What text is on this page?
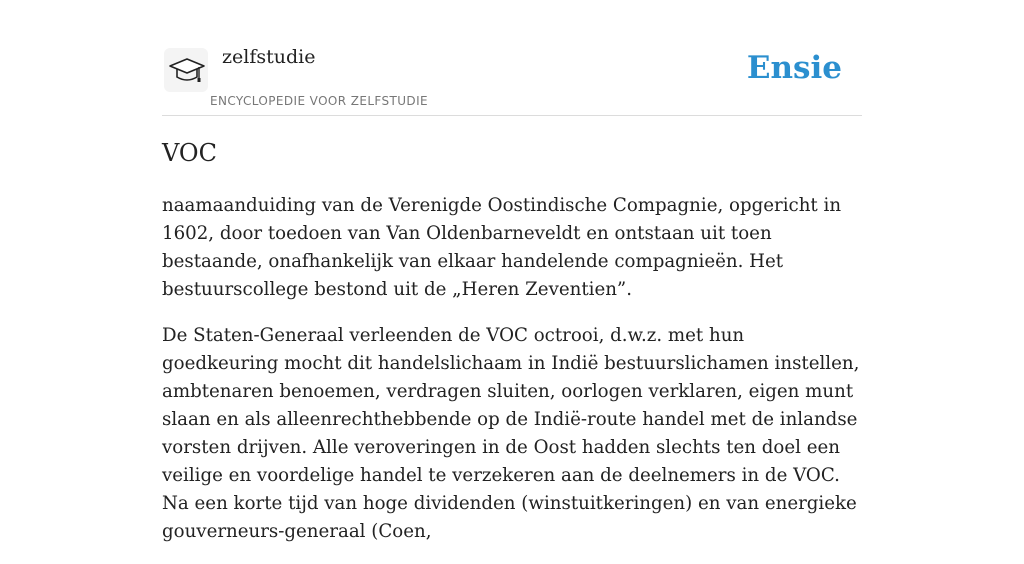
zelfstudie
ENCYCLOPEDIE VOOR ZELFSTUDIE
Ensie
VOC

naamaanduiding van de Verenigde Oostindische Compagnie, opgericht in 1602, door toedoen van Van Oldenbarneveldt en ontstaan uit toen bestaande, onafhankelijk van elkaar handelende compagnieën. Het bestuurscollege bestond uit de „Heren Zeventien”.

De Staten-Generaal verleenden de VOC octrooi, d.w.z. met hun goedkeuring mocht dit handelslichaam in Indië bestuurslichamen instellen, ambtenaren benoemen, verdragen sluiten, oorlogen verklaren, eigen munt slaan en als alleenrechthebbende op de Indië-route handel met de inlandse vorsten drijven. Alle veroveringen in de Oost hadden slechts ten doel een veilige en voordelige handel te verzekeren aan de deelnemers in de VOC. Na een korte tijd van hoge dividenden (winstuitkeringen) en van energieke gouverneurs-generaal (Coen,
